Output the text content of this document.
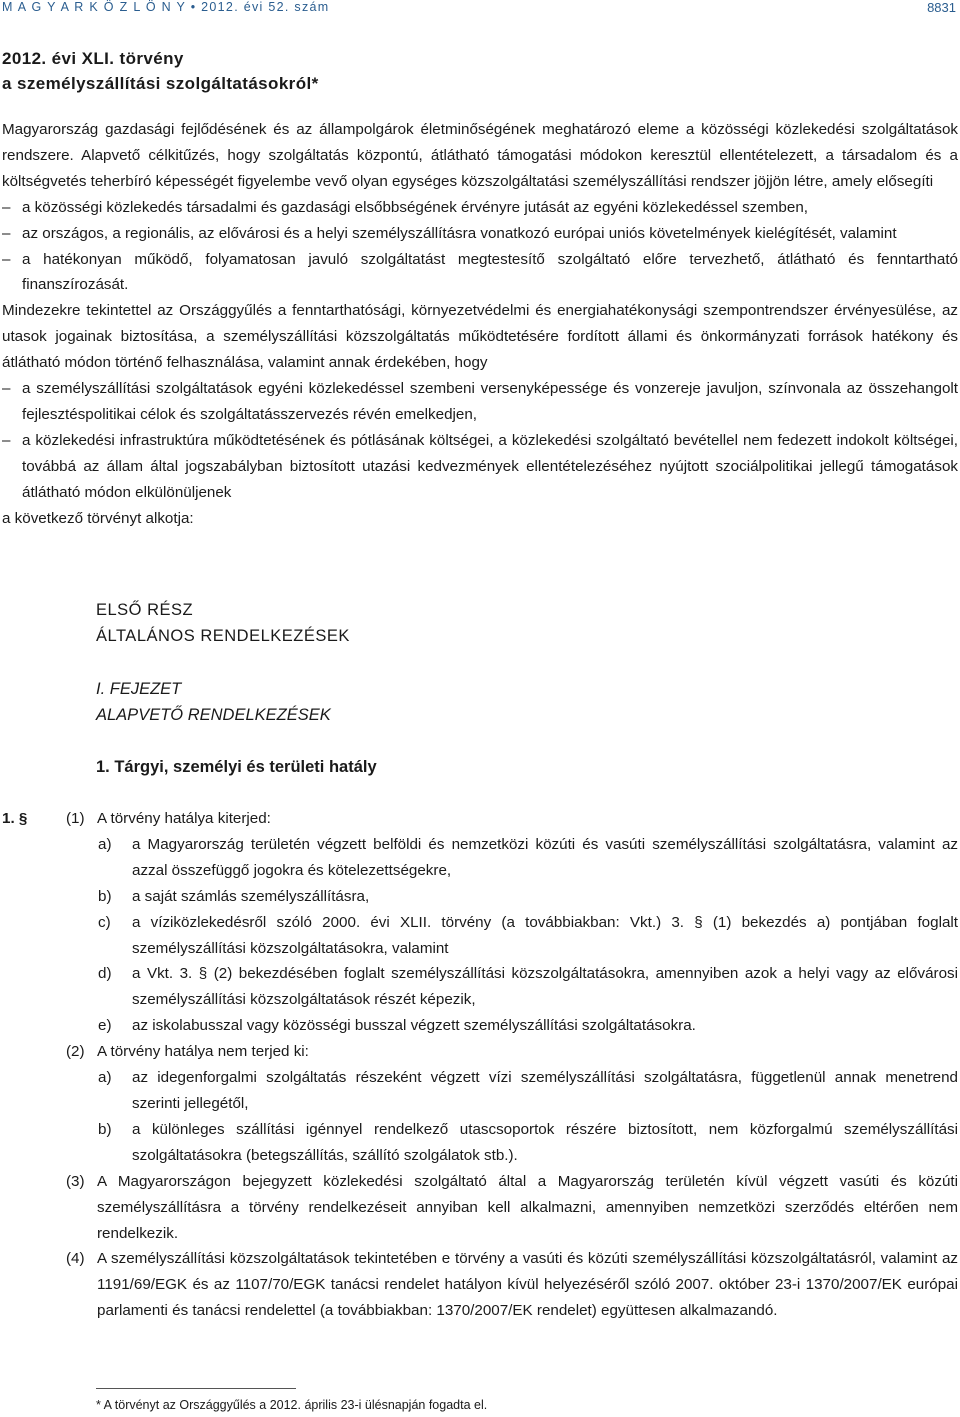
M A G Y A R K Ö Z L Ö N Y • 2012. évi 52. szám	8831
2012. évi XLI. törvény
a személyszállítási szolgáltatásokról*

Magyarország gazdasági fejlődésének és az állampolgárok életminőségének meghatározó eleme a közösségi közlekedési szolgáltatások rendszere. Alapvető célkitűzés, hogy szolgáltatás központú, átlátható támogatási módokon keresztül ellentételezett, a társadalom és a költségvetés teherbíró képességét figyelembe vevő olyan egységes közszolgáltatási személyszállítási rendszer jöjjön létre, amely elősegíti

– a közösségi közlekedés társadalmi és gazdasági elsőbbségének érvényre jutását az egyéni közlekedéssel szemben,

– az országos, a regionális, az elővárosi és a helyi személyszállításra vonatkozó európai uniós követelmények kielégítését, valamint

– a hatékonyan működő, folyamatosan javuló szolgáltatást megtestesítő szolgáltató előre tervezhető, átlátható és fenntartható finanszírozását.

Mindezekre tekintettel az Országgyűlés a fenntarthatósági, környezetvédelmi és energiahatékonysági szempontrendszer érvényesülése, az utasok jogainak biztosítása, a személyszállítási közszolgáltatás működtetésére fordított állami és önkormányzati források hatékony és átlátható módon történő felhasználása, valamint annak érdekében, hogy

– a személyszállítási szolgáltatások egyéni közlekedéssel szembeni versenyképessége és vonzereje javuljon, színvonala az összehangolt fejlesztéspolitikai célok és szolgáltatásszervezés révén emelkedjen,

– a közlekedési infrastruktúra működtetésének és pótlásának költségei, a közlekedési szolgáltató bevétellel nem fedezett indokolt költségei, továbbá az állam által jogszabályban biztosított utazási kedvezmények ellentételezéséhez nyújtott szociálpolitikai jellegű támogatások átlátható módon elkülönüljenek

a következő törvényt alkotja:

ELSŐ RÉSZ
ÁLTALÁNOS RENDELKEZÉSEK
I. FEJEZET
ALAPVETŐ RENDELKEZÉSEK
1. Tárgyi, személyi és területi hatály
1. §	(1) A törvény hatálya kiterjed:
a) a Magyarország területén végzett belföldi és nemzetközi közúti és vasúti személyszállítási szolgáltatásra, valamint az azzal összefüggő jogokra és kötelezettségekre,
b) a saját számlás személyszállításra,
c) a víziközlekedésről szóló 2000. évi XLII. törvény (a továbbiakban: Vkt.) 3. § (1) bekezdés a) pontjában foglalt személyszállítási közszolgáltatásokra, valamint
d) a Vkt. 3. § (2) bekezdésében foglalt személyszállítási közszolgáltatásokra, amennyiben azok a helyi vagy az elővárosi személyszállítási közszolgáltatások részét képezik,
e) az iskolabusszal vagy közösségi busszal végzett személyszállítási szolgáltatásokra.
(2) A törvény hatálya nem terjed ki:
a) az idegenforgalmi szolgáltatás részeként végzett vízi személyszállítási szolgáltatásra, függetlenül annak menetrend szerinti jellegétől,
b) a különleges szállítási igénnyel rendelkező utascsoportok részére biztosított, nem közforgalmú személyszállítási szolgáltatásokra (betegszállítás, szállító szolgálatok stb.).
(3) A Magyarországon bejegyzett közlekedési szolgáltató által a Magyarország területén kívül végzett vasúti és közúti személyszállításra a törvény rendelkezéseit annyiban kell alkalmazni, amennyiben nemzetközi szerződés eltérően nem rendelkezik.
(4) A személyszállítási közszolgáltatások tekintetében e törvény a vasúti és közúti személyszállítási közszolgáltatásról, valamint az 1191/69/EGK és az 1107/70/EGK tanácsi rendelet hatályon kívül helyezéséről szóló 2007. október 23-i 1370/2007/EK európai parlamenti és tanácsi rendelettel (a továbbiakban: 1370/2007/EK rendelet) együttesen alkalmazandó.
* A törvényt az Országgyűlés a 2012. április 23-i ülésnapján fogadta el.
